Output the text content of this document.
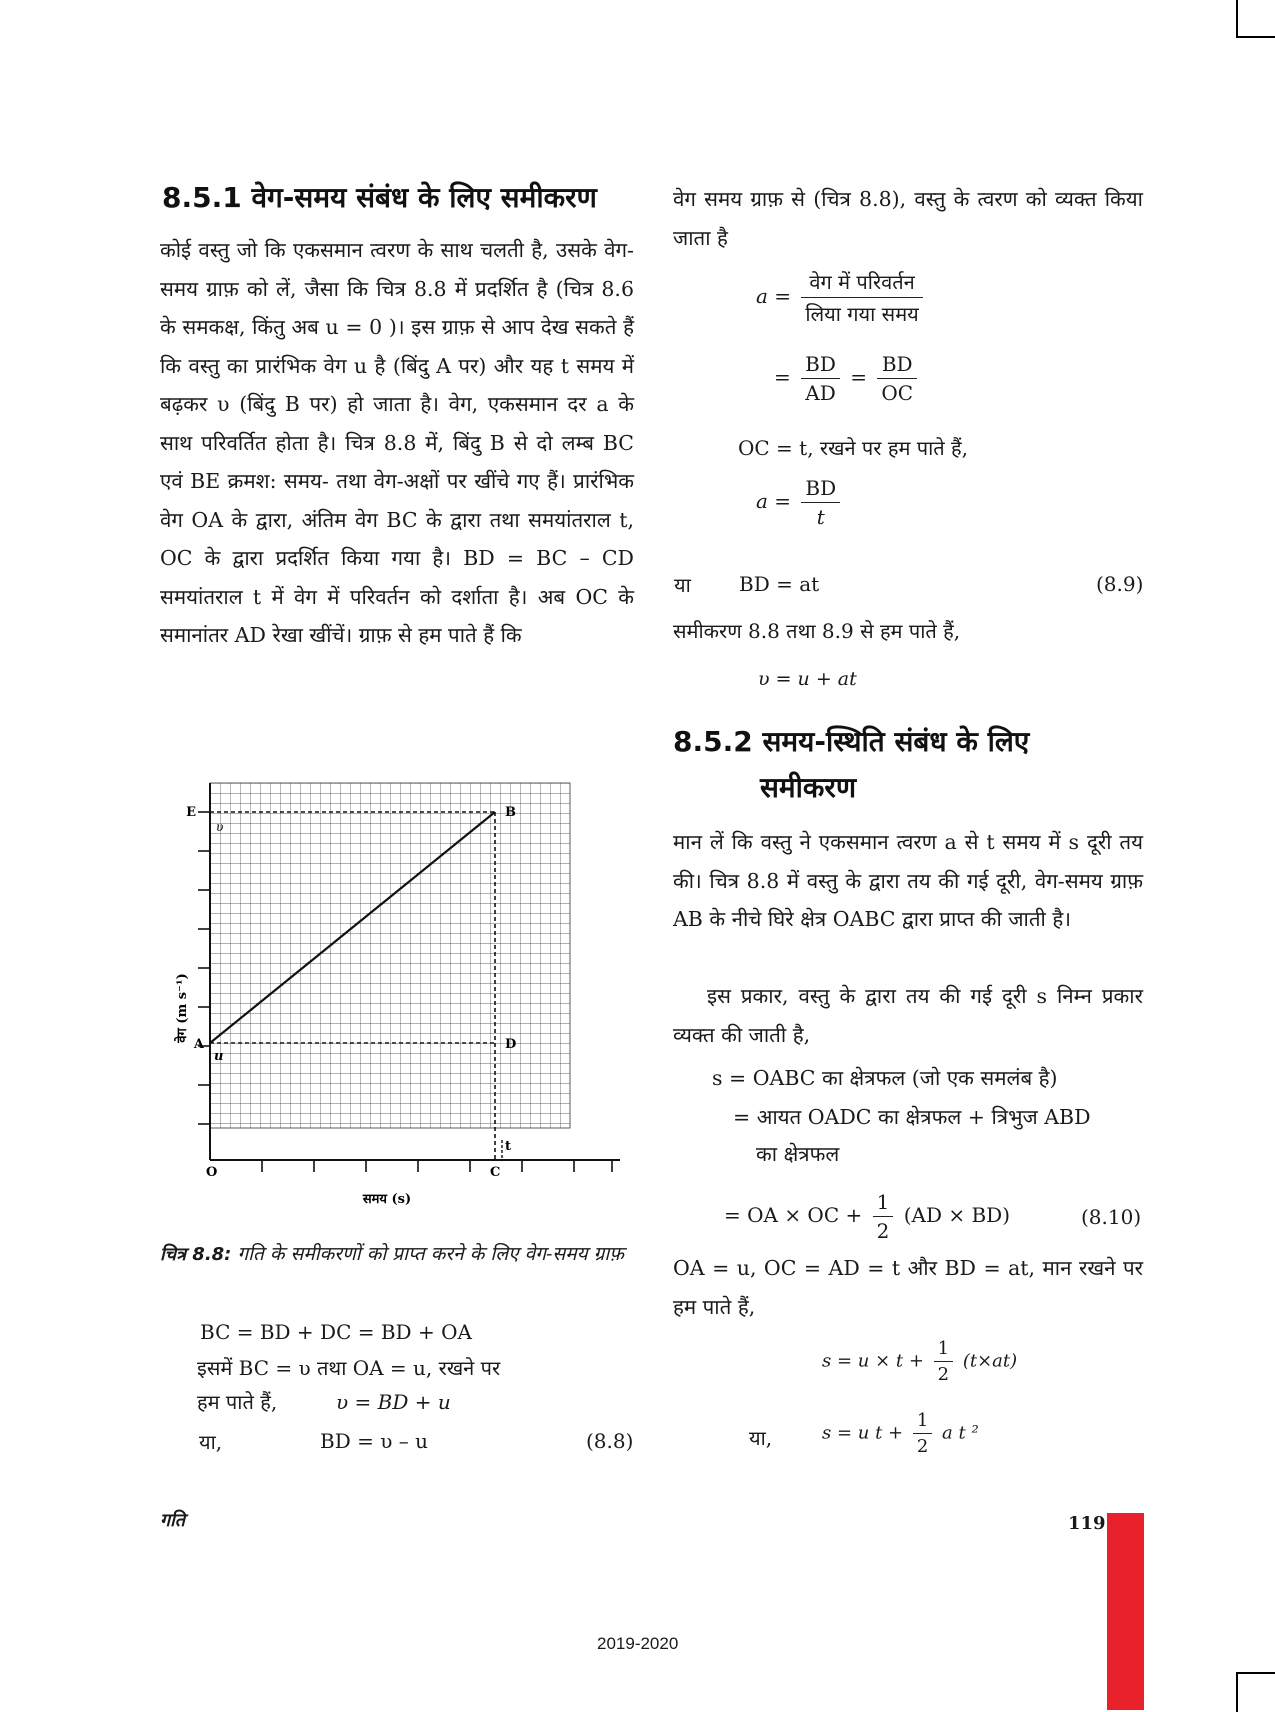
8.5.1 वेग-समय संबंध के लिए समीकरण
कोई वस्तु जो कि एकसमान त्वरण के साथ चलती है, उसके वेग-समय ग्राफ़ को लें, जैसा कि चित्र 8.8 में प्रदर्शित है (चित्र 8.6 के समकक्ष, किंतु अब u = 0 )। इस ग्राफ़ से आप देख सकते हैं कि वस्तु का प्रारंभिक वेग u है (बिंदु A पर) और यह t समय में बढ़कर υ (बिंदु B पर) हो जाता है। वेग, एकसमान दर a के साथ परिवर्तित होता है। चित्र 8.8 में, बिंदु B से दो लम्ब BC एवं BE क्रमश: समय- तथा वेग-अक्षों पर खींचे गए हैं। प्रारंभिक वेग OA के द्वारा, अंतिम वेग BC के द्वारा तथा समयांतराल t, OC के द्वारा प्रदर्शित किया गया है। BD = BC – CD समयांतराल t में वेग में परिवर्तन को दर्शाता है। अब OC के समानांतर AD रेखा खींचें। ग्राफ़ से हम पाते हैं कि
E
υ
B
A
u
D
t
O	C
वेग (m s⁻¹)
समय (s)
चित्र 8.8: गति के समीकरणों को प्राप्त करने के लिए वेग-समय ग्राफ़
BC = BD + DC = BD + OA
इसमें BC = υ तथा OA = u, रखने पर
हम पाते हैं,	υ = BD + u
या,	BD = υ – u	(8.8)
वेग समय ग्राफ़ से (चित्र 8.8), वस्तु के त्वरण को व्यक्त किया जाता है
$a = \frac{\text{वेग में परिवर्तन}}{\text{लिया गया समय}}$
= $\frac{BD}{AD} = \frac{BD}{OC}$
OC = t, रखने पर हम पाते हैं,
$a = \frac{BD}{t}$
या BD = at	(8.9)
समीकरण 8.8 तथा 8.9 से हम पाते हैं,
υ = u + at
8.5.2 समय-स्थिति संबंध के लिए
समीकरण
मान लें कि वस्तु ने एकसमान त्वरण a से t समय में s दूरी तय की। चित्र 8.8 में वस्तु के द्वारा तय की गई दूरी, वेग-समय ग्राफ़ AB के नीचे घिरे क्षेत्र OABC द्वारा प्राप्त की जाती है।
इस प्रकार, वस्तु के द्वारा तय की गई दूरी s निम्न प्रकार व्यक्त की जाती है,
s = OABC का क्षेत्रफल (जो एक समलंब है)
= आयत OADC का क्षेत्रफल + त्रिभुज ABD
का क्षेत्रफल
= OA × OC + $\frac{1}{2} (AD \times BD)$	(8.10)
OA = u, OC = AD = t और BD = at, मान रखने पर हम पाते हैं,
$s = u \times t + \frac{1}{2} (t\times at)$
या,	s = u $t + \frac{1}{2}$ a t ²
गति	119
2019-2020
